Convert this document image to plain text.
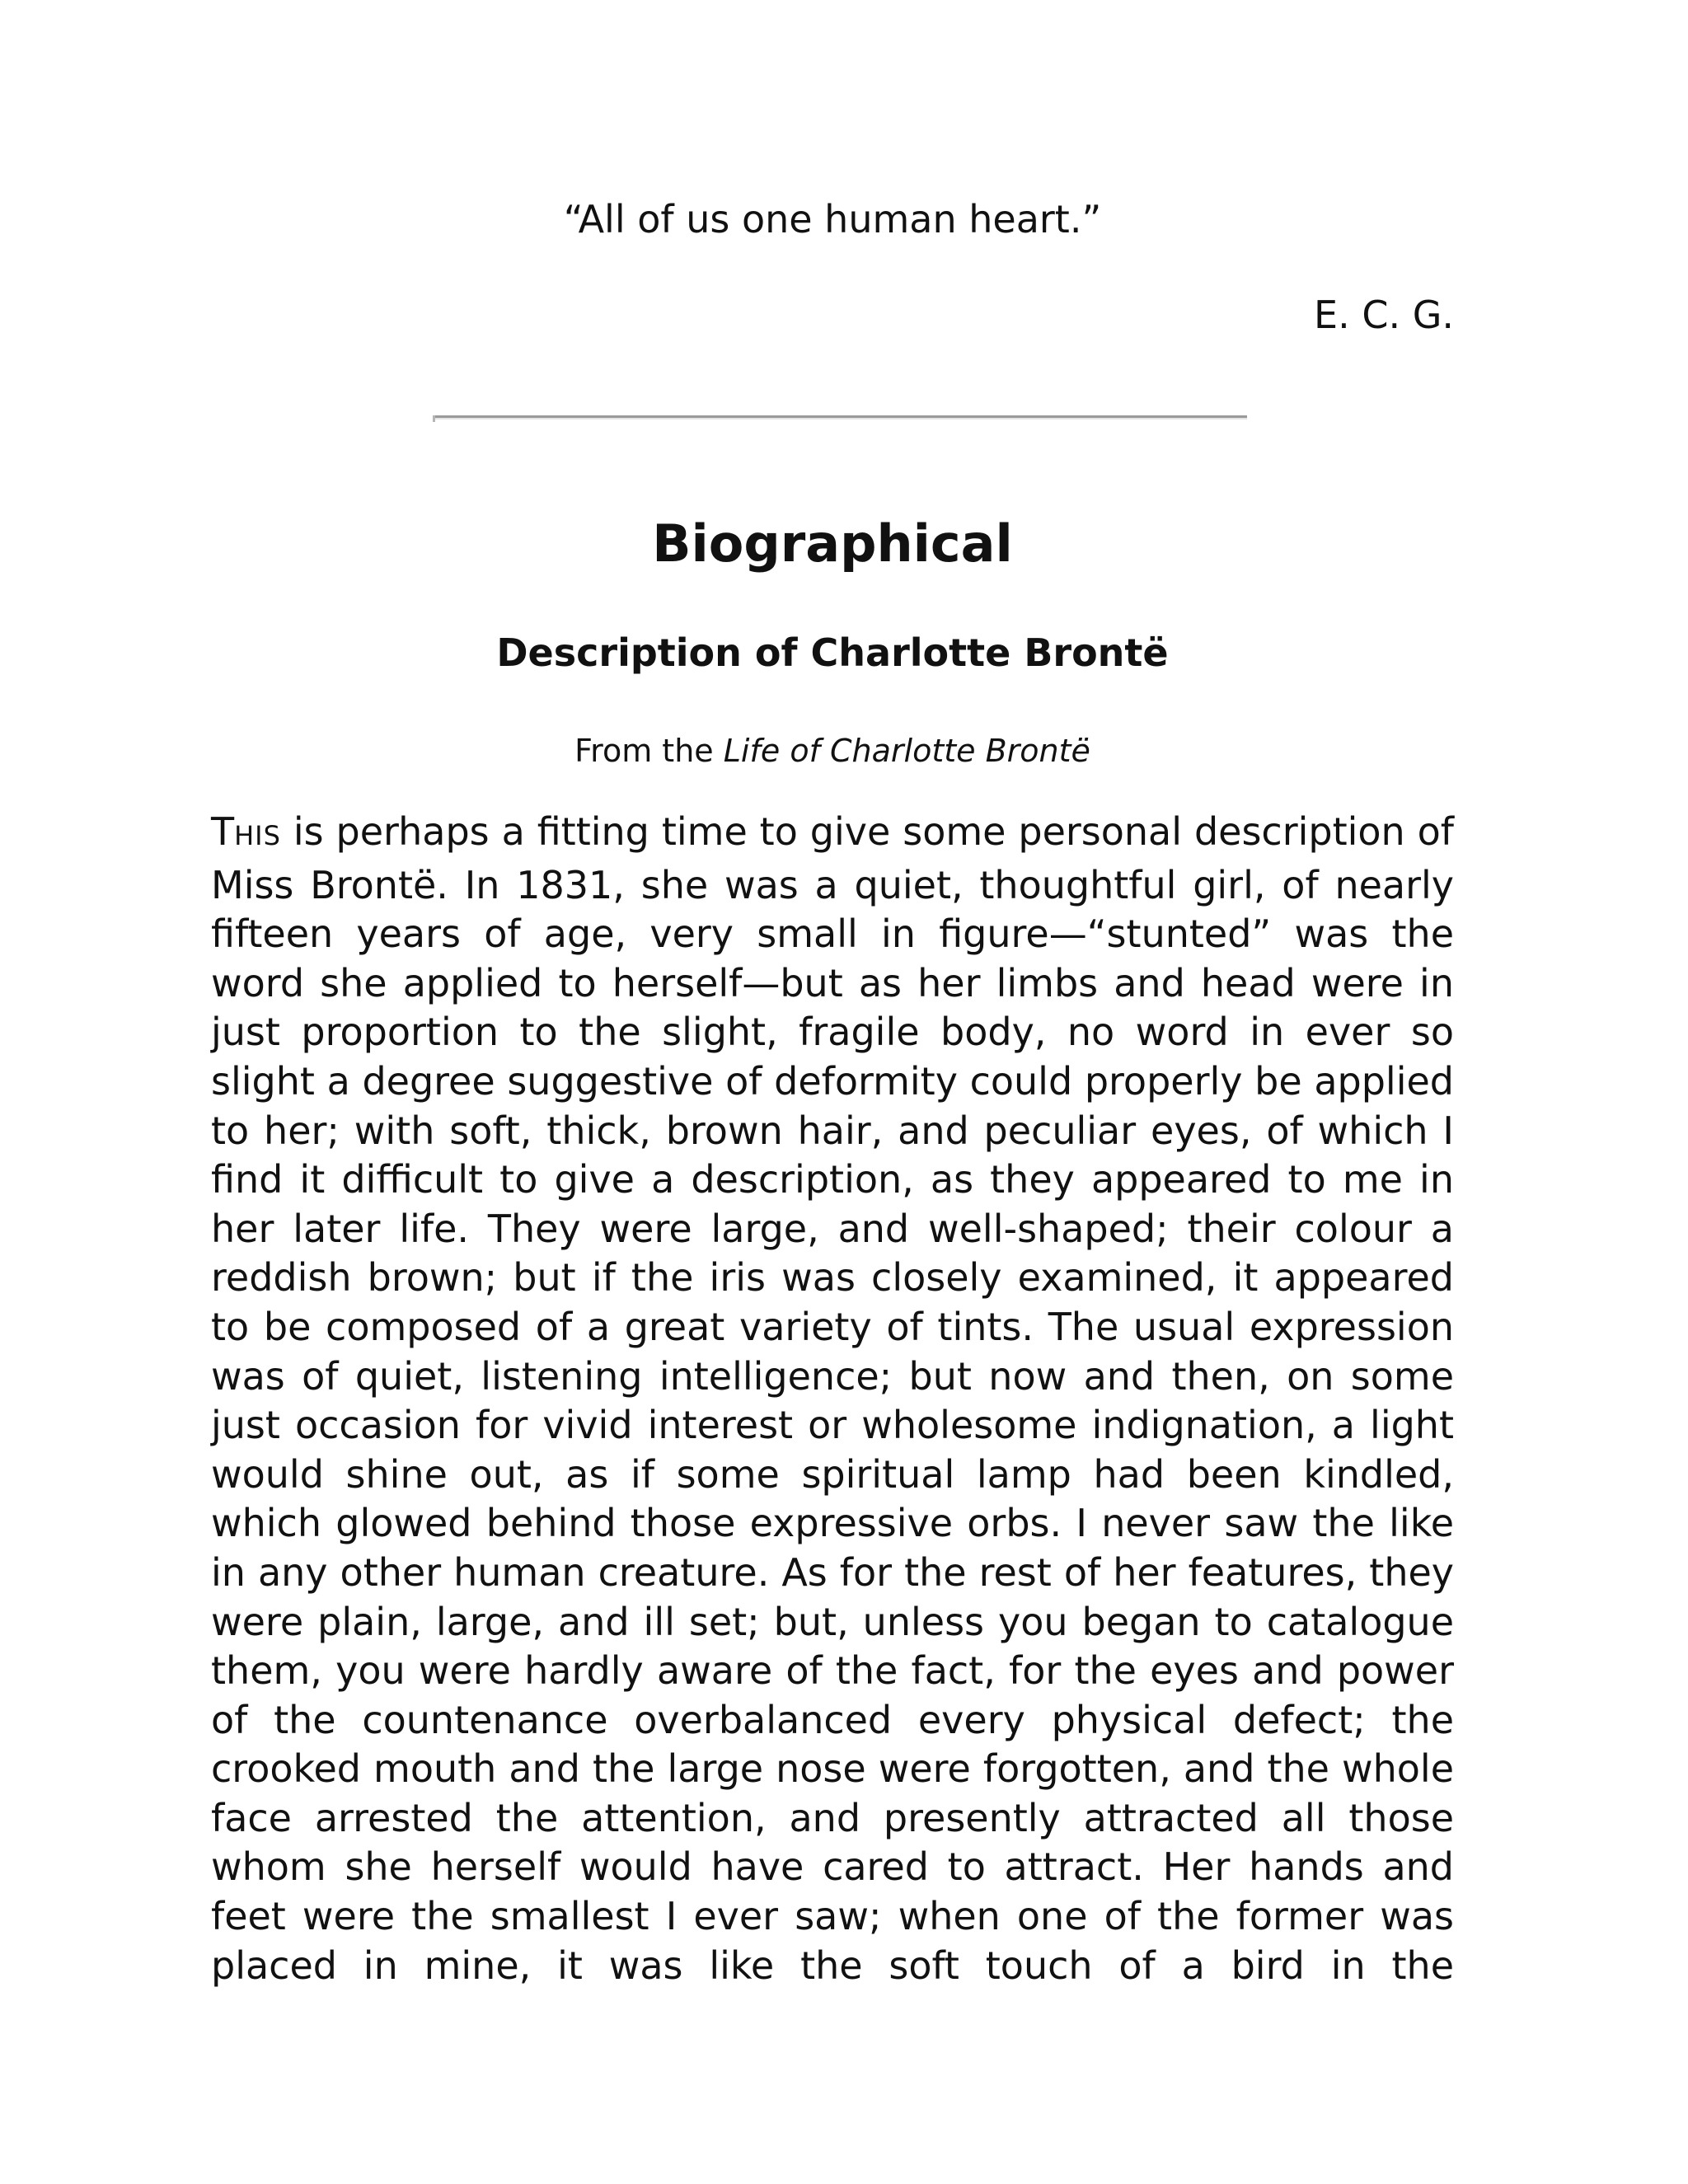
“All of us one human heart.”

E. C. G.

Biographical
Description of Charlotte Brontë

From the Life of Charlotte Brontë

THIS is perhaps a fitting time to give some personal description of Miss Brontë. In 1831, she was a quiet, thoughtful girl, of nearly fifteen years of age, very small in figure—“stunted” was the word she applied to herself—but as her limbs and head were in just proportion to the slight, fragile body, no word in ever so slight a degree suggestive of deformity could properly be applied to her; with soft, thick, brown hair, and peculiar eyes, of which I find it difficult to give a description, as they appeared to me in her later life. They were large, and well-shaped; their colour a reddish brown; but if the iris was closely examined, it appeared to be composed of a great variety of tints. The usual expression was of quiet, listening intelligence; but now and then, on some just occasion for vivid interest or wholesome indignation, a light would shine out, as if some spiritual lamp had been kindled, which glowed behind those expressive orbs. I never saw the like in any other human creature. As for the rest of her features, they were plain, large, and ill set; but, unless you began to catalogue them, you were hardly aware of the fact, for the eyes and power of the countenance overbalanced every physical defect; the crooked mouth and the large nose were forgotten, and the whole face arrested the attention, and presently attracted all those whom she herself would have cared to attract. Her hands and feet were the smallest I ever saw; when one of the former was placed in mine, it was like the soft touch of a bird in the
